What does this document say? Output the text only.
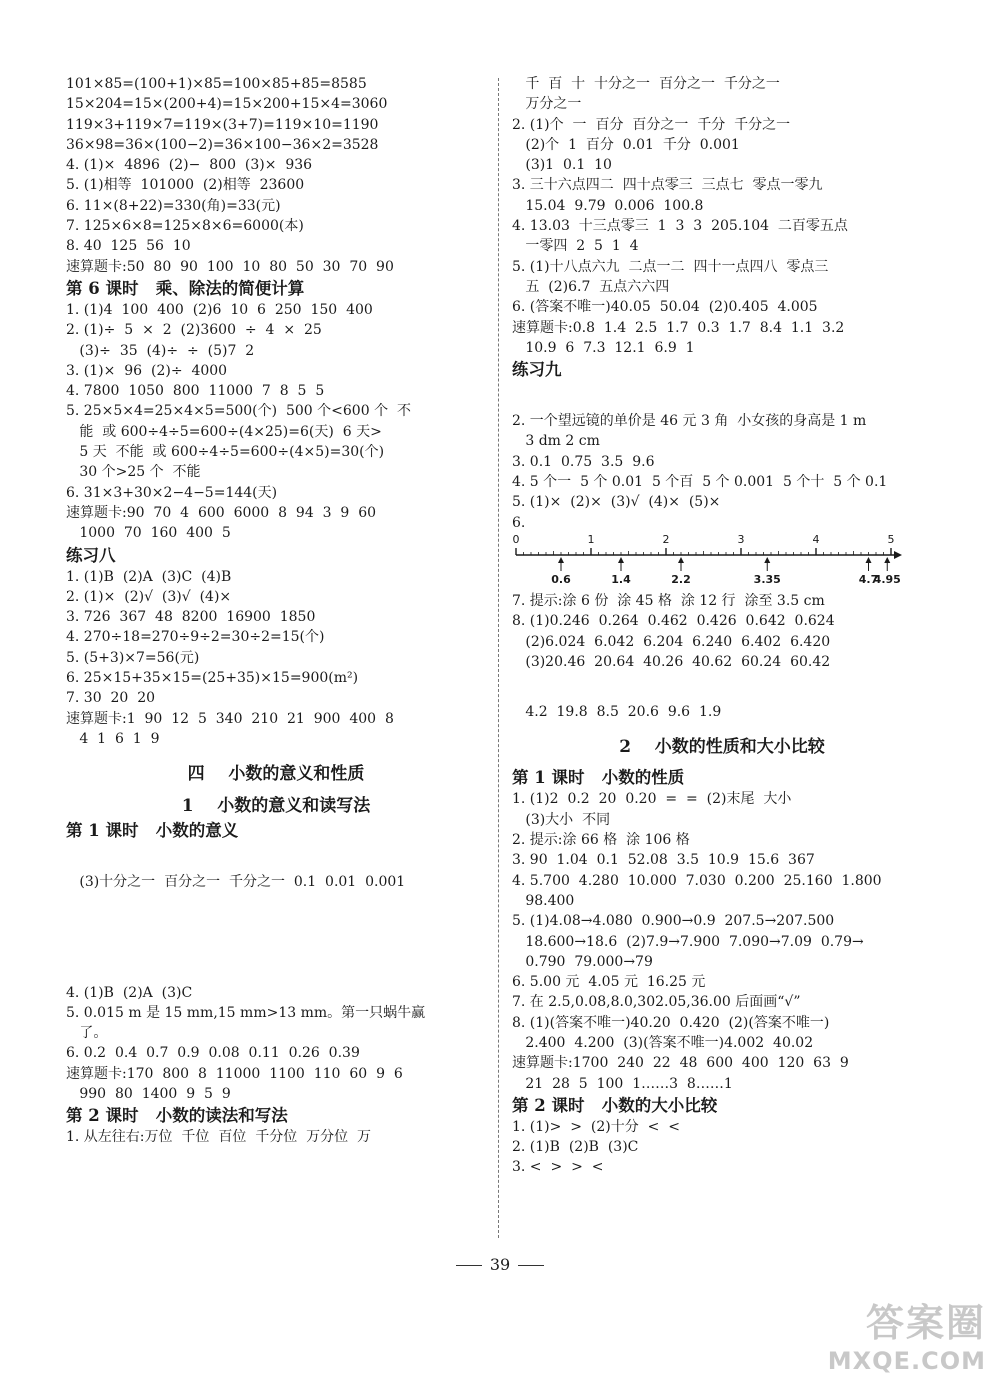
101×85=(100+1)×85=100×85+85=8585
15×204=15×(200+4)=15×200+15×4=3060
119×3+119×7=119×(3+7)=119×10=1190
36×98=36×(100−2)=36×100−36×2=3528
4. (1)×  4896  (2)−  800  (3)×  936
5. (1)相等  101000  (2)相等  23600
6. 11×(8+22)=330(角)=33(元)
7. 125×6×8=125×8×6=6000(本)
8. 40  125  56  10
速算题卡:50  80  90  100  10  80  50  30  70  90
第 6 课时   乘、除法的简便计算
1. (1)4  100  400  (2)6  10  6  250  150  400
2. (1)÷  5  ×  2  (2)3600  ÷  4  ×  25
(3)÷  35  (4)÷  ÷  (5)7  2
3. (1)×  96  (2)÷  4000
4. 7800  1050  800  11000  7  8  5  5
5. 25×5×4=25×4×5=500(个)  500 个<600 个  不
能  或 600÷4÷5=600÷(4×25)=6(天)  6 天>
5 天  不能  或 600÷4÷5=600÷(4×5)=30(个)
30 个>25 个  不能
6. 31×3+30×2−4−5=144(天)
速算题卡:90  70  4  600  6000  8  94  3  9  60
1000  70  160  400  5
练习八
1. (1)B  (2)A  (3)C  (4)B
2. (1)×  (2)√  (3)√  (4)×
3. 726  367  48  8200  16900  1850
4. 270÷18=270÷9÷2=30÷2=15(个)
5. (5+3)×7=56(元)
6. 25×15+35×15=(25+35)×15=900(m²)
7. 30  20  20
速算题卡:1  90  12  5  340  210  21  900  400  8
4  1  6  1  9
四    小数的意义和性质
1    小数的意义和读写法
第 1 课时   小数的意义

(3)十分之一  百分之一  千分之一  0.1  0.01  0.001

4. (1)B  (2)A  (3)C
5. 0.015 m 是 15 mm,15 mm>13 mm。第一只蜗牛赢
了。
6. 0.2  0.4  0.7  0.9  0.08  0.11  0.26  0.39
速算题卡:170  800  8  11000  1100  110  60  9  6
990  80  1400  9  5  9
第 2 课时   小数的读法和写法
1. 从左往右:万位  千位  百位  千分位  万分位  万
千  百  十  十分之一  百分之一  千分之一
万分之一
2. (1)个  一  百分  百分之一  千分  千分之一
(2)个  1  百分  0.01  千分  0.001
(3)1  0.1  10
3. 三十六点四二  四十点零三  三点七  零点一零九
15.04  9.79  0.006  100.8
4. 13.03  十三点零三  1  3  3  205.104  二百零五点
一零四  2  5  1  4
5. (1)十八点六九  二点一二  四十一点四八  零点三
五  (2)6.7  五点六六四
6. (答案不唯一)40.05  50.04  (2)0.405  4.005
速算题卡:0.8  1.4  2.5  1.7  0.3  1.7  8.4  1.1  3.2
10.9  6  7.3  12.1  6.9  1
练习九

2. 一个望远镜的单价是 46 元 3 角  小女孩的身高是 1 m
3 dm 2 cm
3. 0.1  0.75  3.5  9.6
4. 5 个一  5 个 0.01  5 个百  5 个 0.001  5 个十  5 个 0.1
5. (1)×  (2)×  (3)√  (4)×  (5)×
6.
0	1	2	3	4	5
0.6	1.4	2.2	3.35	4.7
4.95
7. 提示:涂 6 份  涂 45 格  涂 12 行  涂至 3.5 cm
8. (1)0.246  0.264  0.462  0.426  0.642  0.624
(2)6.024  6.042  6.204  6.240  6.402  6.420
(3)20.46  20.64  40.26  40.62  60.24  60.42

4.2  19.8  8.5  20.6  9.6  1.9
2    小数的性质和大小比较
第 1 课时   小数的性质
1. (1)2  0.2  20  0.20  =  =  (2)末尾  大小
(3)大小  不同
2. 提示:涂 66 格  涂 106 格
3. 90  1.04  0.1  52.08  3.5  10.9  15.6  367
4. 5.700  4.280  10.000  7.030  0.200  25.160  1.800
98.400
5. (1)4.08→4.080  0.900→0.9  207.5→207.500
18.600→18.6  (2)7.9→7.900  7.090→7.09  0.79→
0.790  79.000→79
6. 5.00 元  4.05 元  16.25 元
7. 在 2.5,0.08,8.0,302.05,36.00 后面画“√”
8. (1)(答案不唯一)40.20  0.420  (2)(答案不唯一)
2.400  4.200  (3)(答案不唯一)4.002  40.02
速算题卡:1700  240  22  48  600  400  120  63  9
21  28  5  100  1……3  8……1
第 2 课时   小数的大小比较
1. (1)>  >  (2)十分  <  <
2. (1)B  (2)B  (3)C
3. <  >  >  <
39
答案圈
MXQE.COM
